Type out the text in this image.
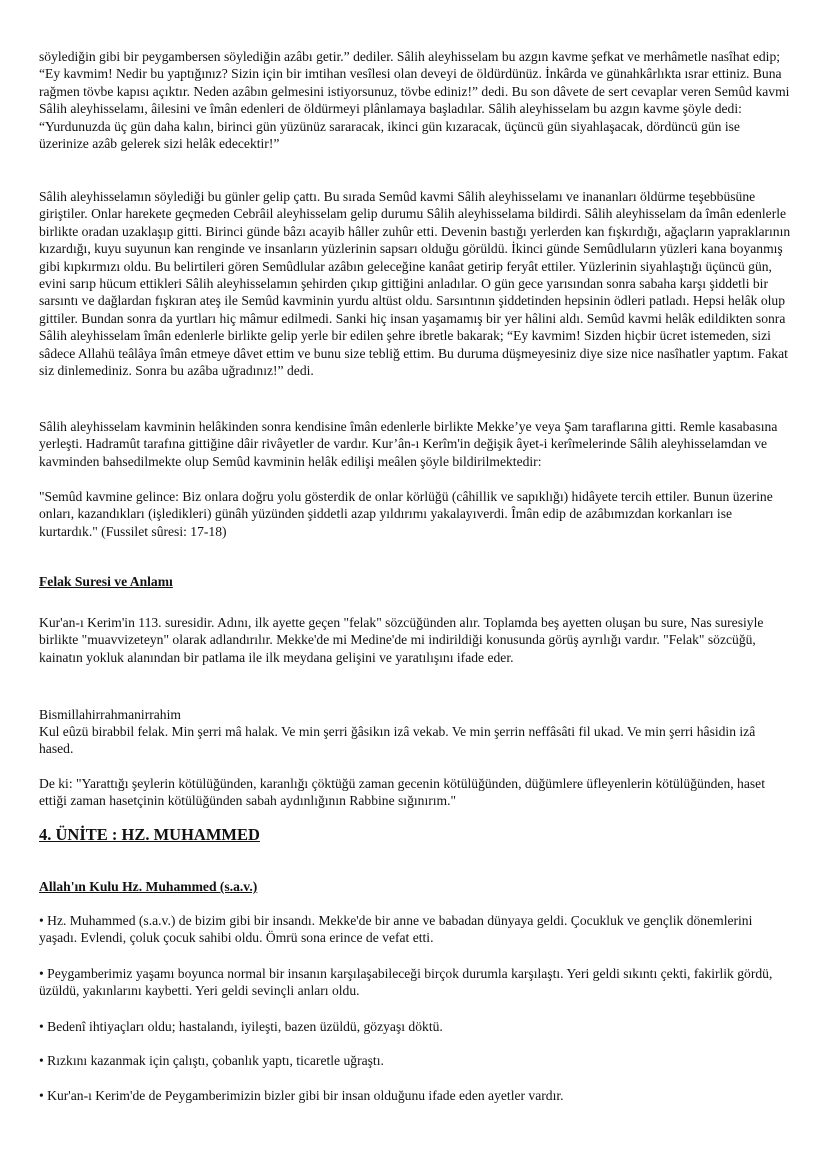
söylediğin gibi bir peygambersen söylediğin azâbı getir.” dediler. Sâlih aleyhisselam bu azgın kavme şefkat ve merhâmetle nasîhat edip; “Ey kavmim! Nedir bu yaptığınız? Sizin için bir imtihan vesîlesi olan deveyi de öldürdünüz. İnkârda ve günahkârlıkta ısrar ettiniz. Buna rağmen tövbe kapısı açıktır. Neden azâbın gelmesini istiyorsunuz, tövbe ediniz!” dedi. Bu son dâvete de sert cevaplar veren Semûd kavmi Sâlih aleyhisselamı, âilesini ve îmân edenleri de öldürmeyi plânlamaya başladılar. Sâlih aleyhisselam bu azgın kavme şöyle dedi: “Yurdunuzda üç gün daha kalın, birinci gün yüzünüz sararacak, ikinci gün kızaracak, üçüncü gün siyahlaşacak, dördüncü gün ise üzerinize azâb gelerek sizi helâk edecektir!”

Sâlih aleyhisselamın söylediği bu günler gelip çattı. Bu sırada Semûd kavmi Sâlih aleyhisselamı ve inananları öldürme teşebbüsüne giriştiler. Onlar harekete geçmeden Cebrâil aleyhisselam gelip durumu Sâlih aleyhisselama bildirdi. Sâlih aleyhisselam da îmân edenlerle birlikte oradan uzaklaşıp gitti. Birinci günde bâzı acayib hâller zuhûr etti. Devenin bastığı yerlerden kan fışkırdığı, ağaçların yapraklarının kızardığı, kuyu suyunun kan renginde ve insanların yüzlerinin sapsarı olduğu görüldü. İkinci günde Semûdluların yüzleri kana boyanmış gibi kıpkırmızı oldu. Bu belirtileri gören Semûdlular azâbın geleceğine kanâat getirip feryât ettiler. Yüzlerinin siyahlaştığı üçüncü gün, evini sarıp hücum ettikleri Sâlih aleyhisselamın şehirden çıkıp gittiğini anladılar. O gün gece yarısından sonra sabaha karşı şiddetli bir sarsıntı ve dağlardan fışkıran ateş ile Semûd kavminin yurdu altüst oldu. Sarsıntının şiddetinden hepsinin ödleri patladı. Hepsi helâk olup gittiler. Bundan sonra da yurtları hiç mâmur edilmedi. Sanki hiç insan yaşamamış bir yer hâlini aldı. Semûd kavmi helâk edildikten sonra Sâlih aleyhisselam îmân edenlerle birlikte gelip yerle bir edilen şehre ibretle bakarak; “Ey kavmim! Sizden hiçbir ücret istemeden, sizi sâdece Allahü teâlâya îmân etmeye dâvet ettim ve bunu size tebliğ ettim. Bu duruma düşmeyesiniz diye size nice nasîhatler yaptım. Fakat siz dinlemediniz. Sonra bu azâba uğradınız!” dedi.

Sâlih aleyhisselam kavminin helâkinden sonra kendisine îmân edenlerle birlikte Mekke’ye veya Şam taraflarına gitti. Remle kasabasına yerleşti. Hadramût tarafına gittiğine dâir rivâyetler de vardır. Kur’ân-ı Kerîm'in değişik âyet-i kerîmelerinde Sâlih aleyhisselamdan ve kavminden bahsedilmekte olup Semûd kavminin helâk edilişi meâlen şöyle bildirilmektedir:

"Semûd kavmine gelince: Biz onlara doğru yolu gösterdik de onlar körlüğü (câhillik ve sapıklığı) hidâyete tercih ettiler. Bunun üzerine onları, kazandıkları (işledikleri) günâh yüzünden şiddetli azap yıldırımı yakalayıverdi. Îmân edip de azâbımızdan korkanları ise kurtardık." (Fussilet sûresi: 17-18)

Felak Suresi ve Anlamı

Kur'an-ı Kerim'in 113. suresidir. Adını, ilk ayette geçen "felak" sözcüğünden alır. Toplamda beş ayetten oluşan bu sure, Nas suresiyle birlikte "muavvizeteyn" olarak adlandırılır. Mekke'de mi Medine'de mi indirildiği konusunda görüş ayrılığı vardır. "Felak" sözcüğü, kainatın yokluk alanından bir patlama ile ilk meydana gelişini ve yaratılışını ifade eder.

Bismillahirrahmanirrahim

Kul eûzü birabbil felak. Min şerri mâ halak. Ve min şerri ğâsikın izâ vekab. Ve min şerrin neffâsâti fil ukad. Ve min şerri hâsidin izâ hased.

De ki: "Yarattığı şeylerin kötülüğünden, karanlığı çöktüğü zaman gecenin kötülüğünden, düğümlere üfleyenlerin kötülüğünden, haset ettiği zaman hasetçinin kötülüğünden sabah aydınlığının Rabbine sığınırım."

4. ÜNİTE : HZ. MUHAMMED

Allah'ın Kulu Hz. Muhammed (s.a.v.)

• Hz. Muhammed (s.a.v.) de bizim gibi bir insandı. Mekke'de bir anne ve babadan dünyaya geldi. Çocukluk ve gençlik dönemlerini yaşadı. Evlendi, çoluk çocuk sahibi oldu. Ömrü sona erince de vefat etti.

• Peygamberimiz yaşamı boyunca normal bir insanın karşılaşabileceği birçok durumla karşılaştı. Yeri geldi sıkıntı çekti, fakirlik gördü, üzüldü, yakınlarını kaybetti. Yeri geldi sevinçli anları oldu.

• Bedenî ihtiyaçları oldu; hastalandı, iyileşti, bazen üzüldü, gözyaşı döktü.

• Rızkını kazanmak için çalıştı, çobanlık yaptı, ticaretle uğraştı.

• Kur'an-ı Kerim'de de Peygamberimizin bizler gibi bir insan olduğunu ifade eden ayetler vardır.
